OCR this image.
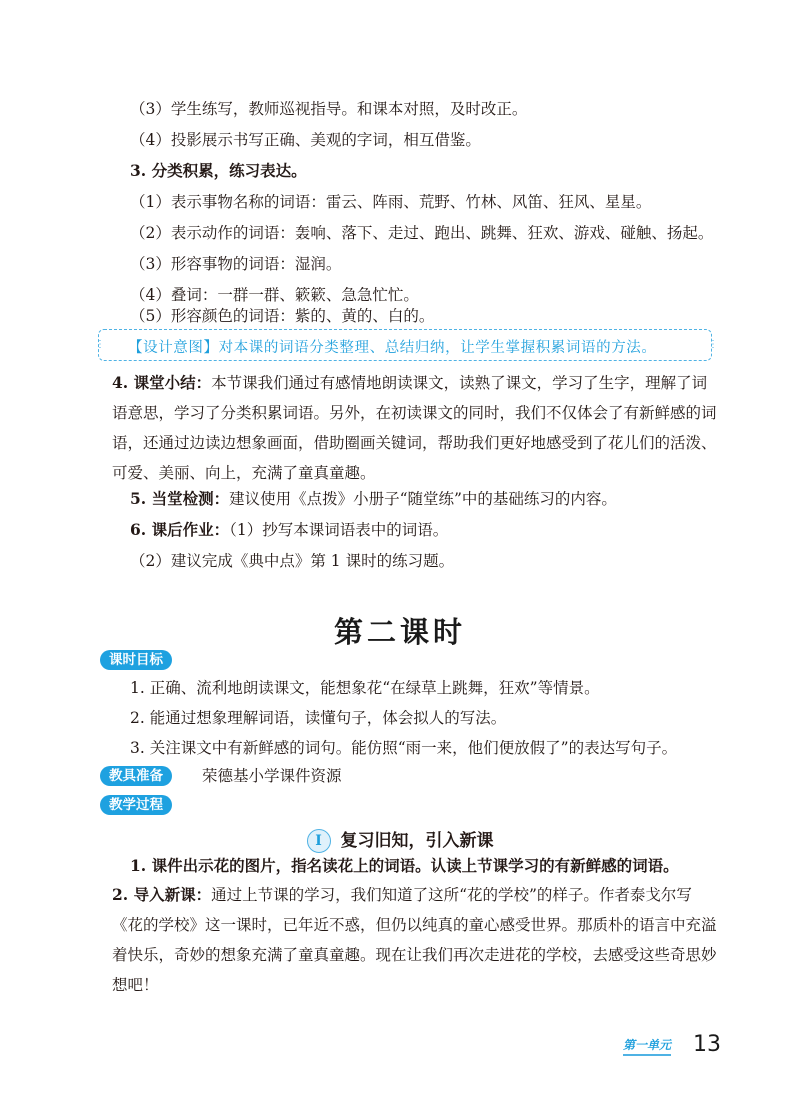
（3）学生练写，教师巡视指导。和课本对照，及时改正。
（4）投影展示书写正确、美观的字词，相互借鉴。
3. 分类积累，练习表达。
（1）表示事物名称的词语：雷云、阵雨、荒野、竹林、风笛、狂风、星星。
（2）表示动作的词语：轰响、落下、走过、跑出、跳舞、狂欢、游戏、碰触、扬起。
（3）形容事物的词语：湿润。
（4）叠词：一群一群、簌簌、急急忙忙。
（5）形容颜色的词语：紫的、黄的、白的。
⋮	⋮
【设计意图】对本课的词语分类整理、总结归纳，让学生掌握积累词语的方法。
4. 课堂小结：本节课我们通过有感情地朗读课文，读熟了课文，学习了生字，理解了词语意思，学习了分类积累词语。另外，在初读课文的同时，我们不仅体会了有新鲜感的词语，还通过边读边想象画面，借助圈画关键词，帮助我们更好地感受到了花儿们的活泼、可爱、美丽、向上，充满了童真童趣。
5. 当堂检测：建议使用《点拨》小册子“随堂练”中的基础练习的内容。
6. 课后作业：（1）抄写本课词语表中的词语。
（2）建议完成《典中点》第 1 课时的练习题。
第二课时
课时目标
1. 正确、流利地朗读课文，能想象花“在绿草上跳舞，狂欢”等情景。
2. 能通过想象理解词语，读懂句子，体会拟人的写法。
3. 关注课文中有新鲜感的词句。能仿照“雨一来，他们便放假了”的表达写句子。
教具准备	荣德基小学课件资源
教学过程
I 复习旧知，引入新课
1. 课件出示花的图片，指名读花上的词语。认读上节课学习的有新鲜感的词语。
2. 导入新课：通过上节课的学习，我们知道了这所“花的学校”的样子。作者泰戈尔写《花的学校》这一课时，已年近不惑，但仍以纯真的童心感受世界。那质朴的语言中充溢着快乐，奇妙的想象充满了童真童趣。现在让我们再次走进花的学校，去感受这些奇思妙想吧！
第一单元 13
